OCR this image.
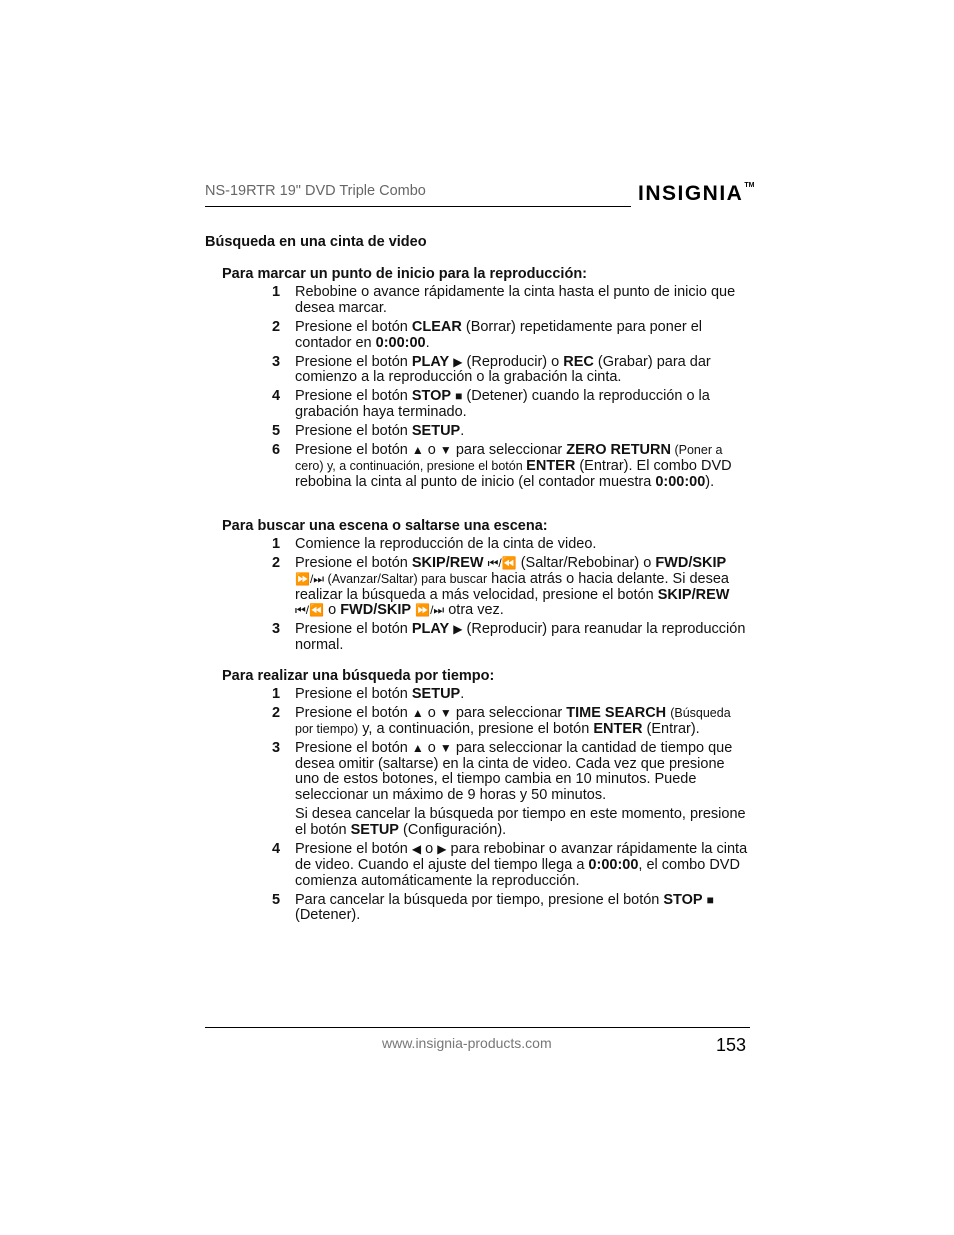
NS-19RTR 19" DVD Triple Combo	INSIGNIA™
Búsqueda en una cinta de video
Para marcar un punto de inicio para la reproducción:
1 Rebobine o avance rápidamente la cinta hasta el punto de inicio que desea marcar.
2 Presione el botón CLEAR (Borrar) repetidamente para poner el contador en 0:00:00.
3 Presione el botón PLAY ▶ (Reproducir) o REC (Grabar) para dar comienzo a la reproducción o la grabación la cinta.
4 Presione el botón STOP ■ (Detener) cuando la reproducción o la grabación haya terminado.
5 Presione el botón SETUP.
6 Presione el botón ▲ o ▼ para seleccionar ZERO RETURN (Poner a cero) y, a continuación, presione el botón ENTER (Entrar). El combo DVD rebobina la cinta al punto de inicio (el contador muestra 0:00:00).
Para buscar una escena o saltarse una escena:
1 Comience la reproducción de la cinta de video.
2 Presione el botón SKIP/REW ⏮/⏪ (Saltar/Rebobinar) o FWD/SKIP ⏩/⏭ (Avanzar/Saltar) para buscar hacia atrás o hacia delante. Si desea realizar la búsqueda a más velocidad, presione el botón SKIP/REW ⏮/⏪ o FWD/SKIP ⏩/⏭ otra vez.
3 Presione el botón PLAY ▶ (Reproducir) para reanudar la reproducción normal.
Para realizar una búsqueda por tiempo:
1 Presione el botón SETUP.
2 Presione el botón ▲ o ▼ para seleccionar TIME SEARCH (Búsqueda por tiempo) y, a continuación, presione el botón ENTER (Entrar).
3 Presione el botón ▲ o ▼ para seleccionar la cantidad de tiempo que desea omitir (saltarse) en la cinta de video. Cada vez que presione uno de estos botones, el tiempo cambia en 10 minutos. Puede seleccionar un máximo de 9 horas y 50 minutos.
Si desea cancelar la búsqueda por tiempo en este momento, presione el botón SETUP (Configuración).
4 Presione el botón ◀ o ▶ para rebobinar o avanzar rápidamente la cinta de video. Cuando el ajuste del tiempo llega a 0:00:00, el combo DVD comienza automáticamente la reproducción.
5 Para cancelar la búsqueda por tiempo, presione el botón STOP ■ (Detener).
www.insignia-products.com	153
